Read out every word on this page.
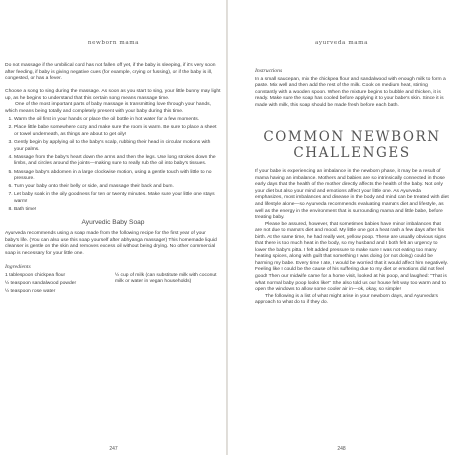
newborn mama

Do not massage if the umbilical cord has not fallen off yet, if the baby is sleeping, if it's very soon after feeding, if baby is giving negative cues (for example, crying or fussing), or if the baby is ill, congested, or has a fever.

Choose a song to sing during the massage. As soon as you start to sing, your little bunny may light up, as he begins to understand that this certain song means massage time.

One of the most important parts of baby massage is transmitting love through your hands, which means being totally and completely present with your baby during this time.

1. Warm the oil first in your hands or place the oil bottle in hot water for a few moments.
2. Place little babe somewhere cozy and make sure the room is warm. Be sure to place a sheet or towel underneath, as things are about to get oily!
3. Gently begin by applying oil to the baby's scalp, rubbing their head in circular motions with your palms.
4. Massage from the baby's heart down the arms and then the legs. Use long strokes down the limbs, and circles around the joints—making sure to really rub the oil into baby's tissues.
5. Massage baby's abdomen in a large clockwise motion, using a gentle touch with little to no pressure.
6. Turn your baby onto their belly or side, and massage their back and bum.
7. Let baby soak in the oily goodness for ten or twenty minutes. Make sure your little one stays warm!
8. Bath time!
Ayurvedic Baby Soap

Ayurveda recommends using a soap made from the following recipe for the first year of your baby's life. (You can also use this soap yourself after abhyanga massage!) This homemade liquid cleanser is gentle on the skin and removes excess oil without being drying. No other commercial soap is necessary for your little one.

Ingredients

1 tablespoon chickpea flour

½ teaspoon sandalwood powder

½ teaspoon rose water

½ cup of milk (can substitute milk with coconut milk or water in vegan households)

247
ayurveda mama
Instructions

In a small saucepan, mix the chickpea flour and sandalwood with enough milk to form a paste. Mix well and then add the rest of the milk. Cook on medium heat, stirring constantly with a wooden spoon. When the mixture begins to bubble and thicken, it is ready. Make sure the soap has cooled before applying it to your babe's skin. Since it is made with milk, this soap should be made fresh before each bath.

COMMON NEWBORN
CHALLENGES

If your babe is experiencing an imbalance in the newborn phase, it may be a result of mama having an imbalance. Mothers and babies are so intrinsically connected in those early days that the health of the mother directly affects the health of the baby. Not only your diet but also your mind and emotions affect your little one. As Ayurveda emphasizes, most imbalances and disease in the body and mind can be treated with diet and lifestyle alone—so Ayurveda recommends evaluating mama's diet and lifestyle, as well as the energy in the environment that is surrounding mama and little babe, before treating baby.

Please be assured, however, that sometimes babies have minor imbalances that are not due to mama's diet and mood. My little one got a heat rash a few days after his birth. At the same time, he had really wet, yellow poop. These are usually obvious signs that there is too much heat in the body, so my husband and I both felt an urgency to lower the baby's pitta. I felt added pressure to make sure I was not eating too many heating spices, along with guilt that something I was doing (or not doing) could be harming my babe. Every time I ate, I would be worried that it would affect him negatively. Feeling like I could be the cause of his suffering due to my diet or emotions did not feel good! Then our midwife came for a home visit, looked at his poop, and laughed: "That is what normal baby poop looks like!" She also told us our house felt way too warm and to open the windows to allow some cooler air in—ok, okay, so simple!

The following is a list of what might arise in your newborn days, and Ayurveda's approach to what do to if they do.

248
